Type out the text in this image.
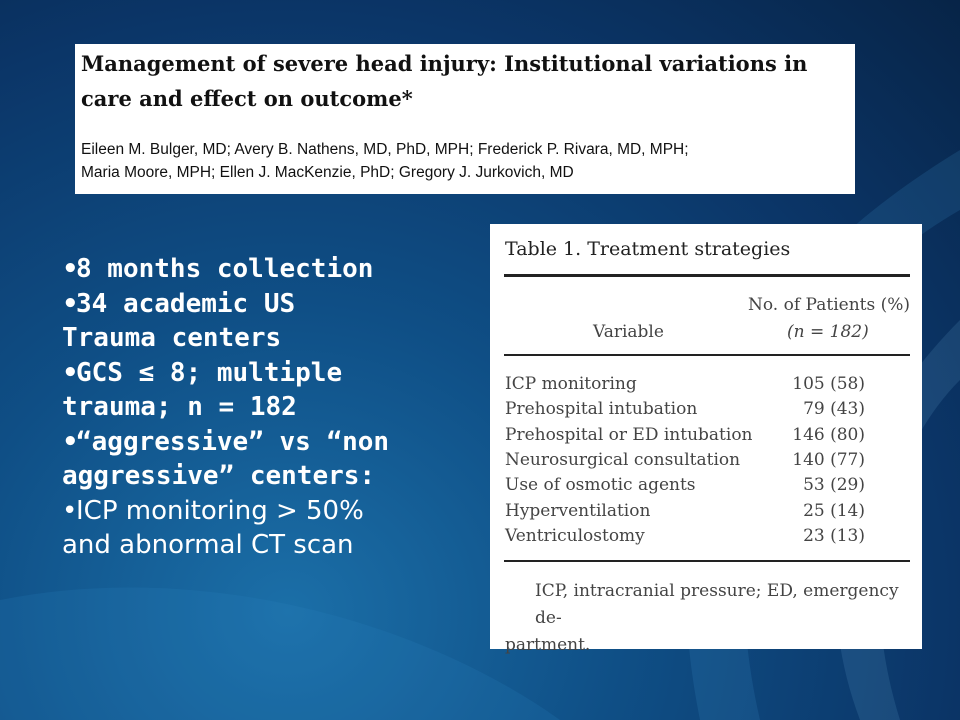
Management of severe head injury: Institutional variations in care and effect on outcome*
Eileen M. Bulger, MD; Avery B. Nathens, MD, PhD, MPH; Frederick P. Rivara, MD, MPH;
Maria Moore, MPH; Ellen J. MacKenzie, PhD; Gregory J. Jurkovich, MD
•8 months collection
•34 academic US
Trauma centers
•GCS ≤ 8; multiple
trauma; n = 182
•“aggressive” vs “non
aggressive” centers:
•ICP monitoring > 50%
and abnormal CT scan
Table 1. Treatment strategies
No. of Patients (%)
Variable	(n = 182)
ICP monitoring	105 (58)
Prehospital intubation	79 (43)
Prehospital or ED intubation 146 (80)
Neurosurgical consultation	140 (77)
Use of osmotic agents	53 (29)
Hyperventilation	25 (14)
Ventriculostomy	23 (13)
ICP, intracranial pressure; ED, emergency de-
partment.
